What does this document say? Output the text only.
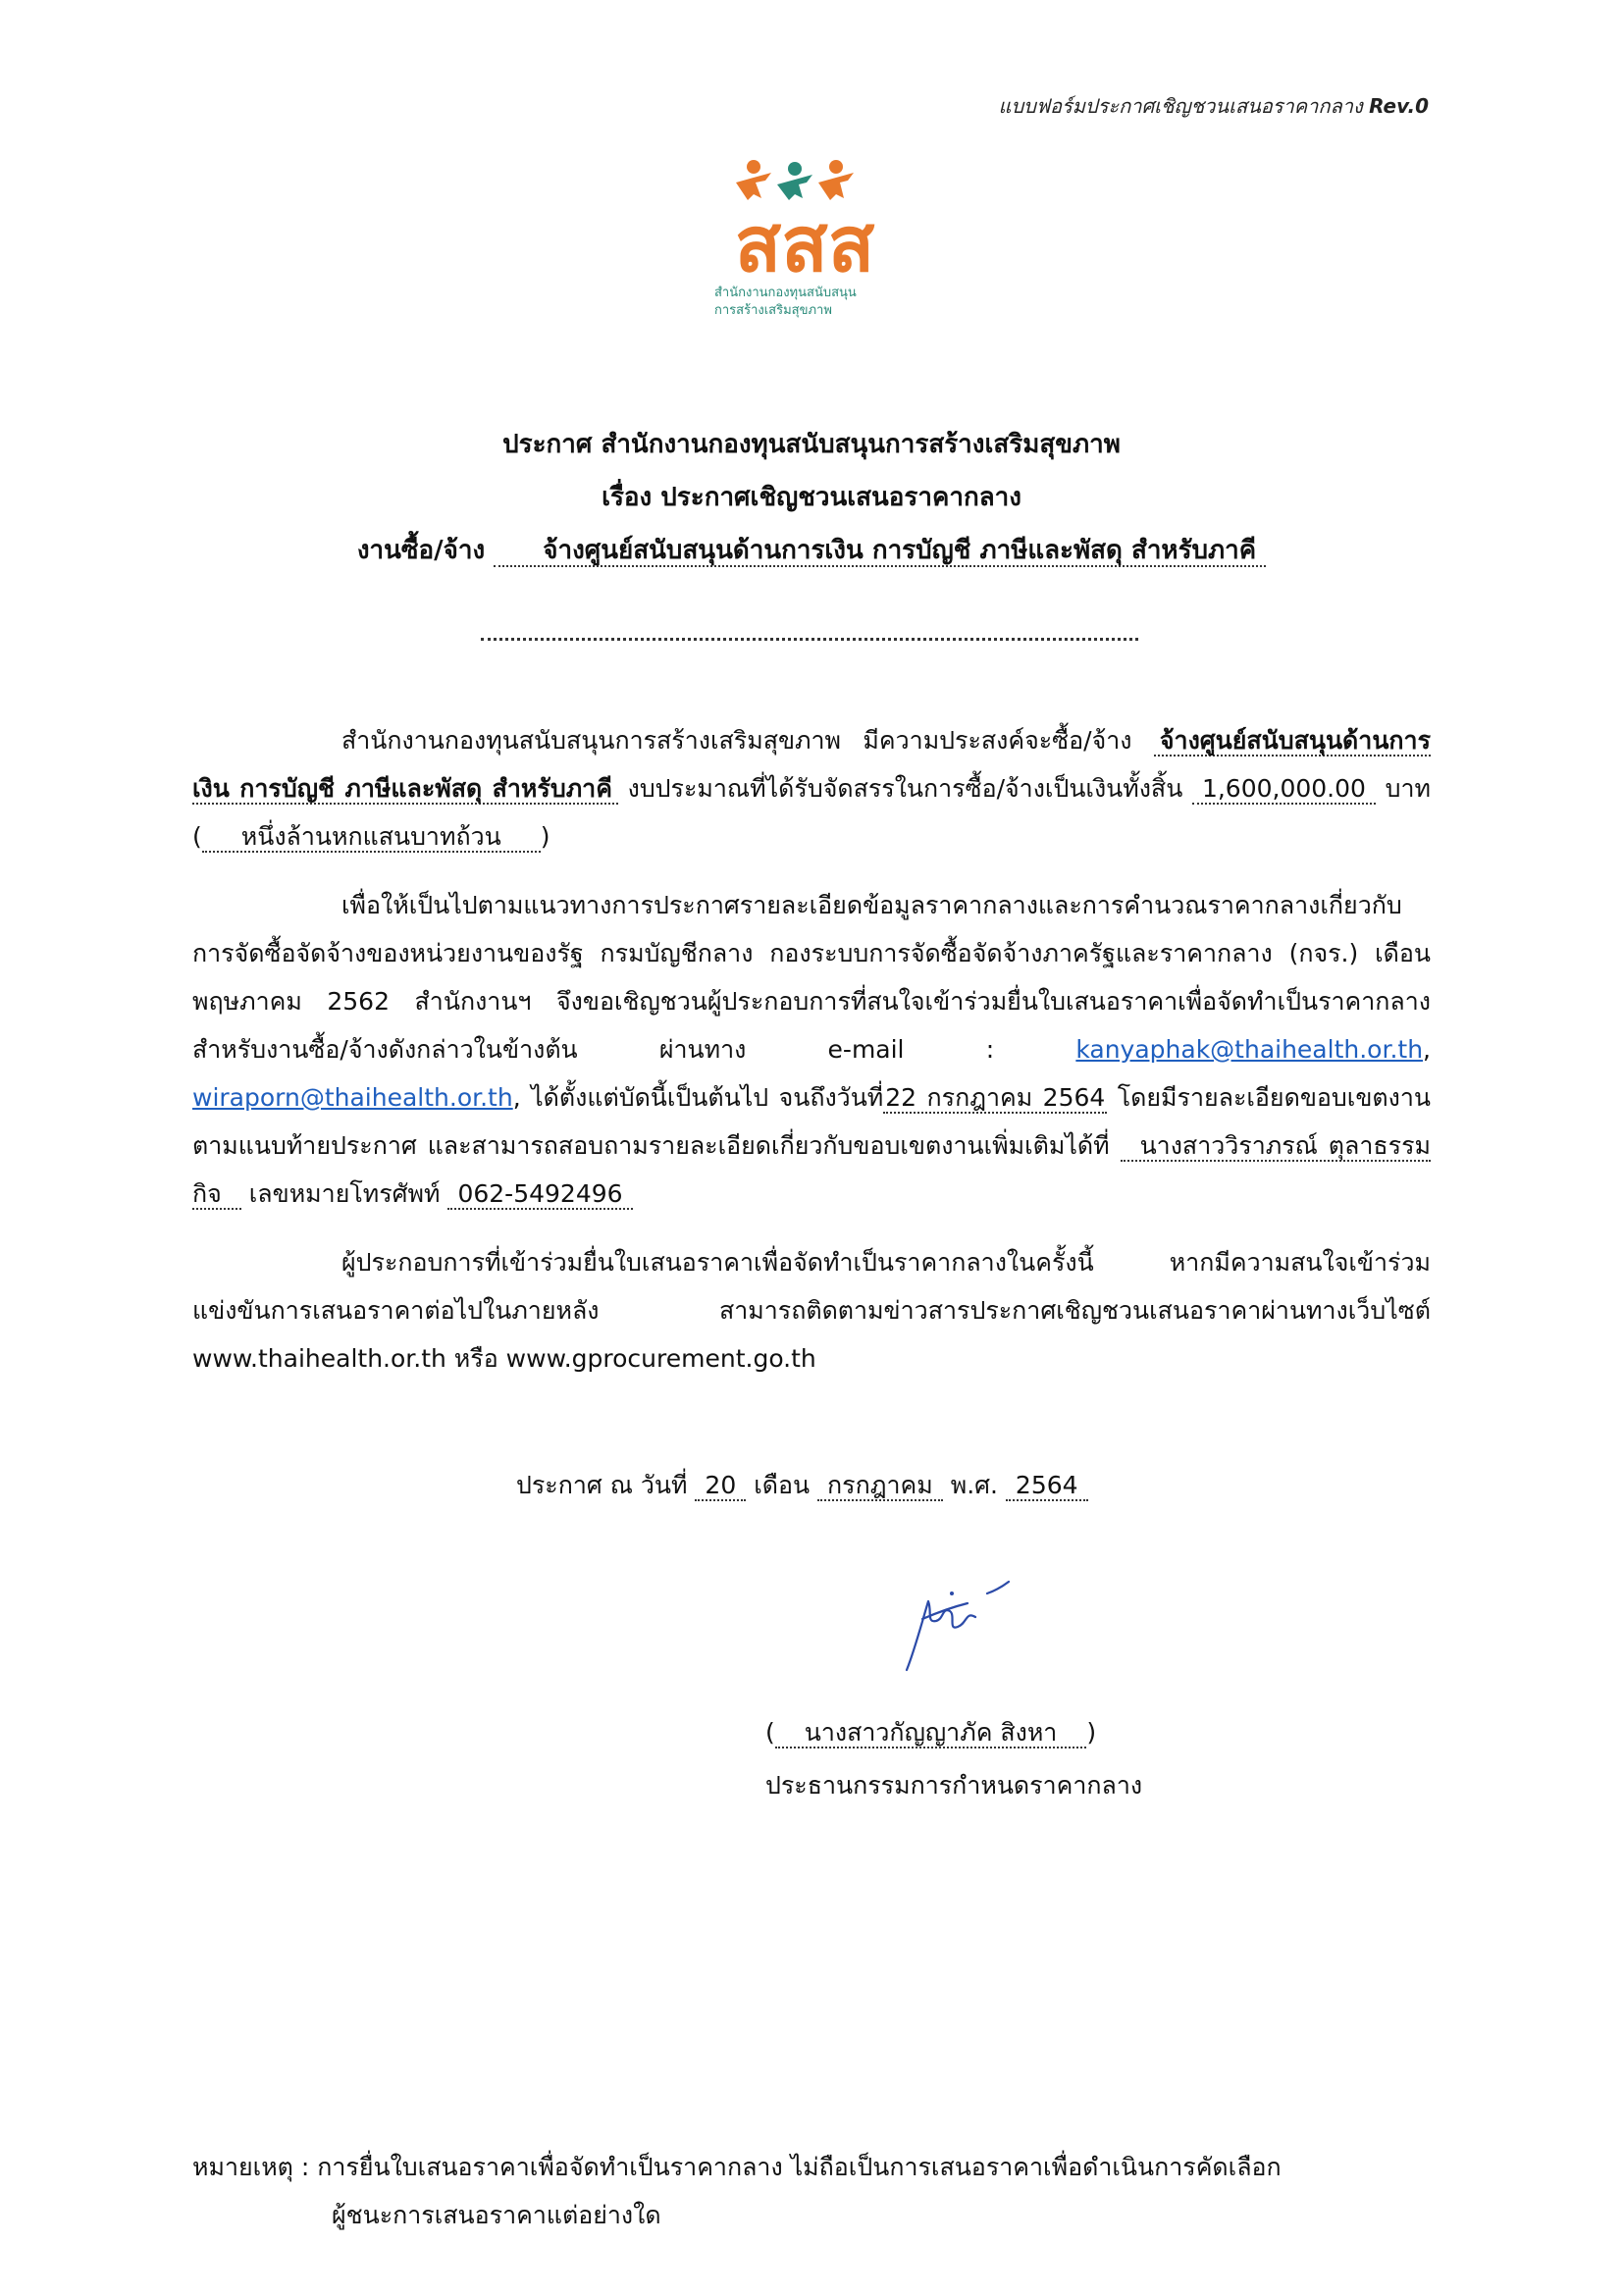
แบบฟอร์มประกาศเชิญชวนเสนอราคากลาง Rev.0
สสส
สำนักงานกองทุนสนับสนุน
การสร้างเสริมสุขภาพ
ประกาศ สำนักงานกองทุนสนับสนุนการสร้างเสริมสุขภาพ
เรื่อง ประกาศเชิญชวนเสนอราคากลาง
งานซื้อ/จ้าง จ้างศูนย์สนับสนุนด้านการเงิน การบัญชี ภาษีและพัสดุ สำหรับภาคี

สำนักงานกองทุนสนับสนุนการสร้างเสริมสุขภาพ มีความประสงค์จะซื้อ/จ้าง จ้างศูนย์สนับสนุนด้านการเงิน การบัญชี ภาษีและพัสดุ สำหรับภาคี งบประมาณที่ได้รับจัดสรรในการซื้อ/จ้างเป็นเงินทั้งสิ้น 1,600,000.00 บาท ( หนึ่งล้านหกแสนบาทถ้วน )

เพื่อให้เป็นไปตามแนวทางการประกาศรายละเอียดข้อมูลราคากลางและการคำนวณราคากลางเกี่ยวกับการจัดซื้อจัดจ้างของหน่วยงานของรัฐ กรมบัญชีกลาง กองระบบการจัดซื้อจัดจ้างภาครัฐและราคากลาง (กจร.) เดือนพฤษภาคม 2562 สำนักงานฯ จึงขอเชิญชวนผู้ประกอบการที่สนใจเข้าร่วมยื่นใบเสนอราคาเพื่อจัดทำเป็นราคากลางสำหรับงานซื้อ/จ้างดังกล่าวในข้างต้น ผ่านทาง e-mail :	kanyaphak@thaihealth.or.th, wiraporn@thaihealth.or.th, ได้ตั้งแต่บัดนี้เป็นต้นไป จนถึงวันที่22 กรกฎาคม 2564 โดยมีรายละเอียดขอบเขตงานตามแนบท้ายประกาศ และสามารถสอบถามรายละเอียดเกี่ยวกับขอบเขตงานเพิ่มเติมได้ที่ นางสาววิราภรณ์ ตุลาธรรมกิจ เลขหมายโทรศัพท์ 062-5492496

ผู้ประกอบการที่เข้าร่วมยื่นใบเสนอราคาเพื่อจัดทำเป็นราคากลางในครั้งนี้ หากมีความสนใจเข้าร่วมแข่งขันการเสนอราคาต่อไปในภายหลัง สามารถติดตามข่าวสารประกาศเชิญชวนเสนอราคาผ่านทางเว็บไซต์ www.thaihealth.or.th หรือ www.gprocurement.go.th

ประกาศ ณ วันที่ 20 เดือน กรกฎาคม พ.ศ. 2564
( นางสาวกัญญาภัค สิงหา )
ประธานกรรมการกำหนดราคากลาง
หมายเหตุ : การยื่นใบเสนอราคาเพื่อจัดทำเป็นราคากลาง ไม่ถือเป็นการเสนอราคาเพื่อดำเนินการคัดเลือก
ผู้ชนะการเสนอราคาแต่อย่างใด
